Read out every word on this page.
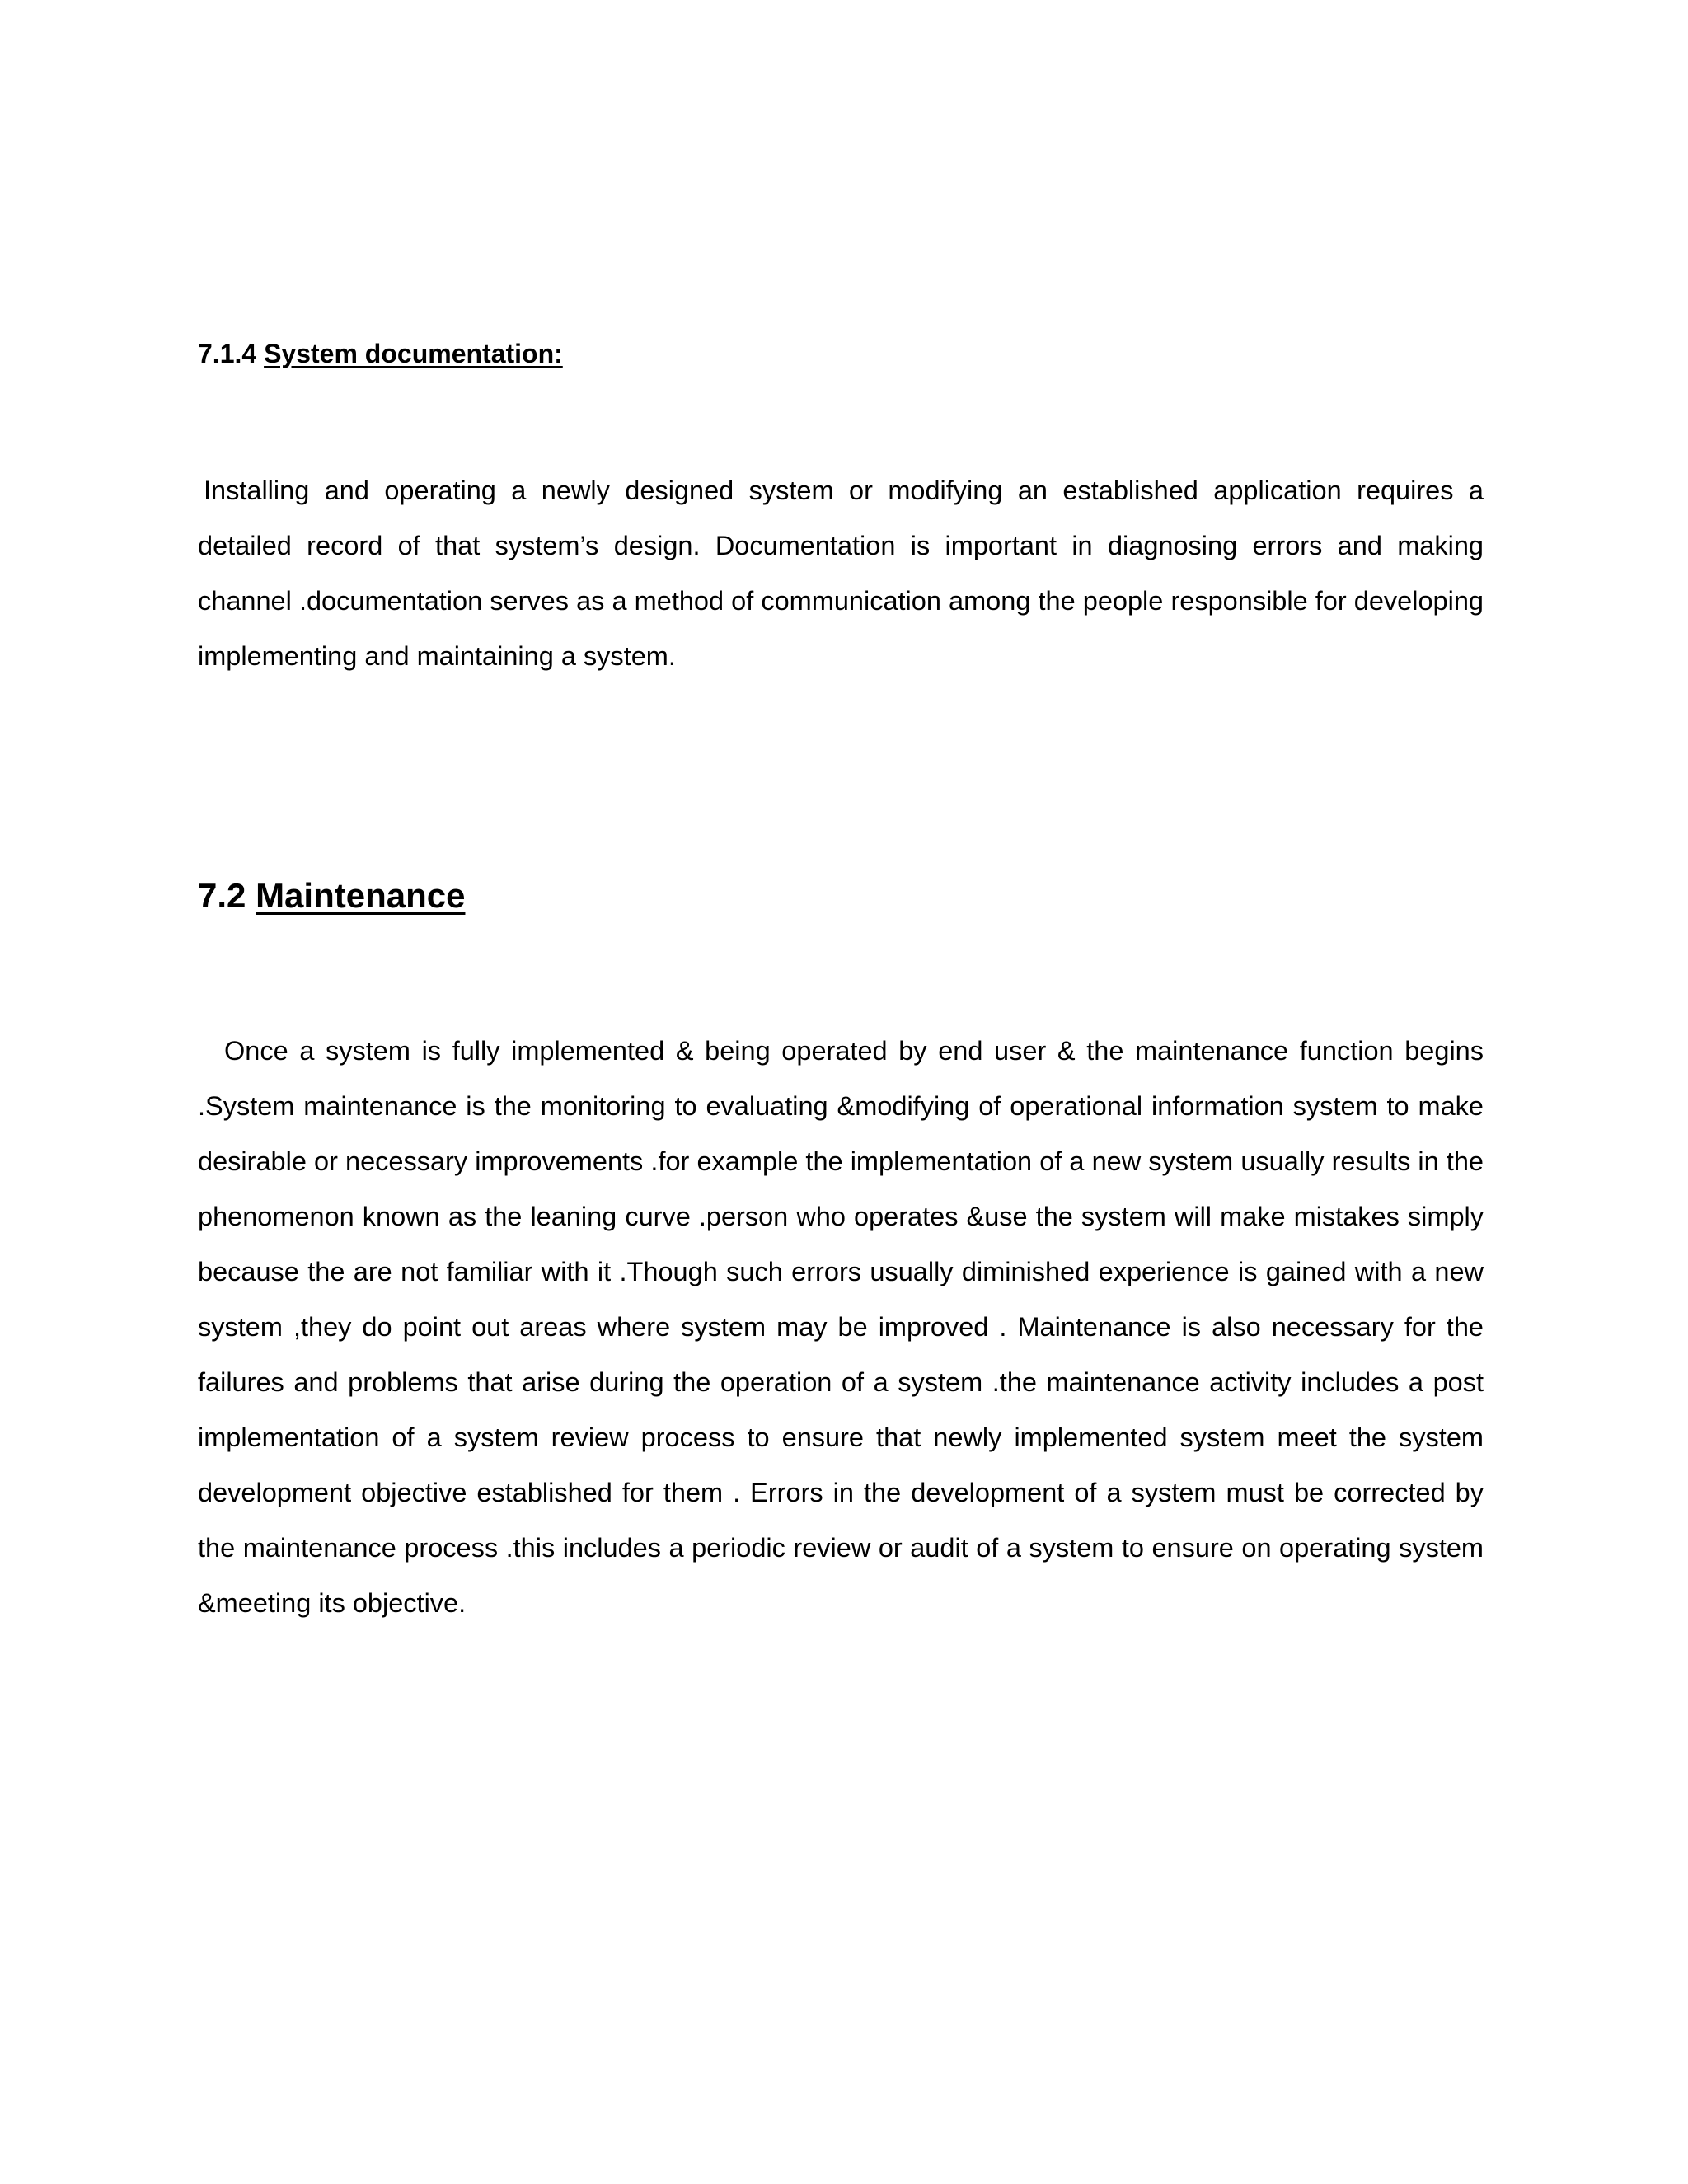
7.1.4 System documentation:

Installing and operating a newly designed system or modifying an established application requires a detailed record of that system’s design. Documentation is important in diagnosing errors and making channel .documentation serves as a method of communication among the people responsible for developing implementing and maintaining a system.

7.2 Maintenance

Once a system is fully implemented & being operated by end user & the maintenance function begins .System maintenance is the monitoring to evaluating &modifying of operational information system to make desirable or necessary improvements .for example the implementation of a new system usually results in the phenomenon known as the leaning curve .person who operates &use the system will make mistakes simply because the are not familiar with it .Though such errors usually diminished experience is gained with a new system ,they do point out areas where system may be improved . Maintenance is also necessary for the failures and problems that arise during the operation of a system .the maintenance activity includes a post implementation of a system review process to ensure that newly implemented system meet the system development objective established for them . Errors in the development of a system must be corrected by the maintenance process .this includes a periodic review or audit of a system to ensure on operating system &meeting its objective.
